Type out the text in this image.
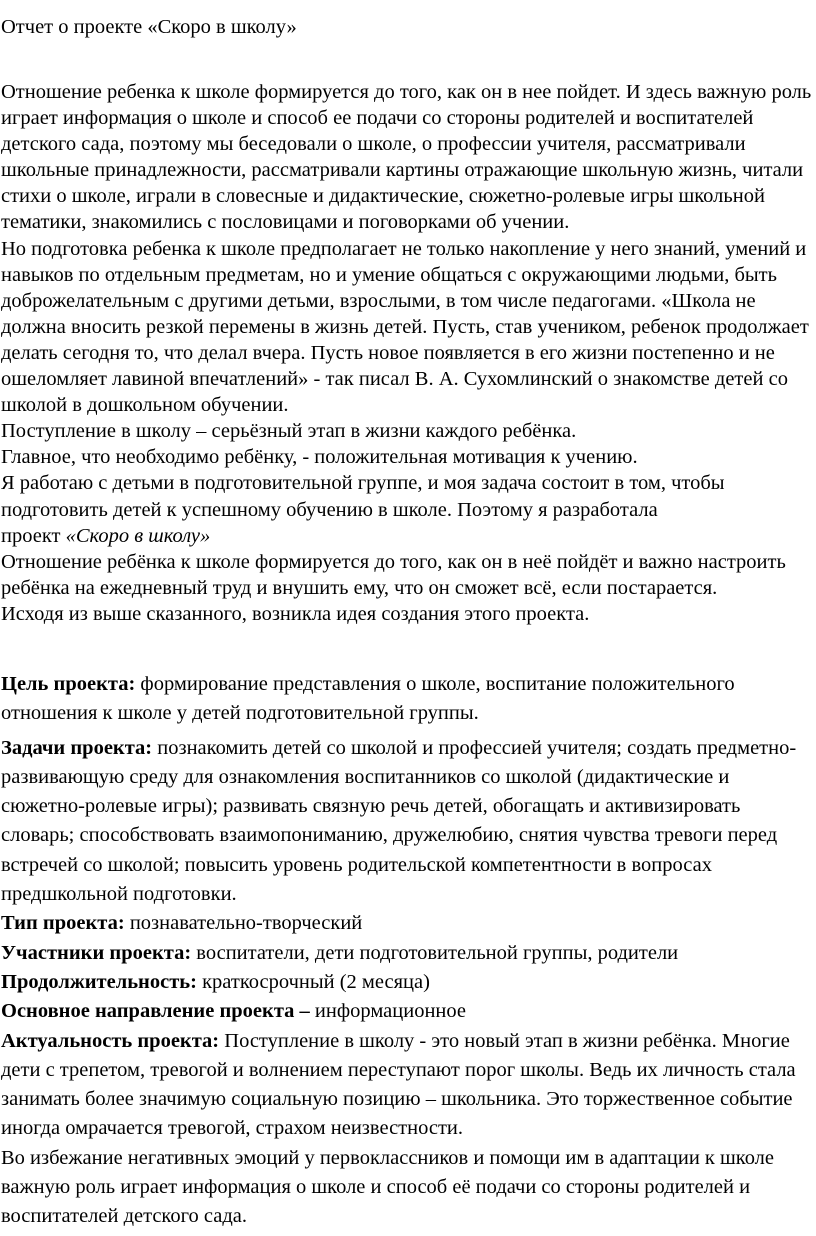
Отчет о проекте «Скоро в школу»

Отношение ребенка к школе формируется до того, как он в нее пойдет. И здесь важную роль играет информация о школе и способ ее подачи со стороны родителей и воспитателей детского сада, поэтому мы беседовали о школе, о профессии учителя, рассматривали школьные принадлежности, рассматривали картины отражающие школьную жизнь, читали стихи о школе, играли в словесные и дидактические, сюжетно-ролевые игры школьной тематики, знакомились с пословицами и поговорками об учении.

Но подготовка ребенка к школе предполагает не только накопление у него знаний, умений и навыков по отдельным предметам, но и умение общаться с окружающими людьми, быть доброжелательным с другими детьми, взрослыми, в том числе педагогами. «Школа не должна вносить резкой перемены в жизнь детей. Пусть, став учеником, ребенок продолжает делать сегодня то, что делал вчера. Пусть новое появляется в его жизни постепенно и не ошеломляет лавиной впечатлений» - так писал В. А. Сухомлинский о знакомстве детей со школой в дошкольном обучении.

Поступление в школу – серьёзный этап в жизни каждого ребёнка.

Главное, что необходимо ребёнку, - положительная мотивация к учению.

Я работаю с детьми в подготовительной группе, и моя задача состоит в том, чтобы подготовить детей к успешному обучению в школе. Поэтому я разработала

проект «Скоро в школу»

Отношение ребёнка к школе формируется до того, как он в неё пойдёт и важно настроить ребёнка на ежедневный труд и внушить ему, что он сможет всё, если постарается.

Исходя из выше сказанного, возникла идея создания этого проекта.

Цель проекта: формирование представления о школе, воспитание положительного отношения к школе у детей подготовительной группы.

Задачи проекта: познакомить детей со школой и профессией учителя; создать предметно-развивающую среду для ознакомления воспитанников со школой (дидактические и сюжетно-ролевые игры); развивать связную речь детей, обогащать и активизировать словарь; способствовать взаимопониманию, дружелюбию, снятия чувства тревоги перед встречей со школой; повысить уровень родительской компетентности в вопросах предшкольной подготовки.

Тип проекта: познавательно-творческий

Участники проекта: воспитатели, дети подготовительной группы, родители

Продолжительность: краткосрочный (2 месяца)

Основное направление проекта – информационное

Актуальность проекта: Поступление в школу - это новый этап в жизни ребёнка. Многие дети с трепетом, тревогой и волнением переступают порог школы. Ведь их личность стала занимать более значимую социальную позицию – школьника. Это торжественное событие иногда омрачается тревогой, страхом неизвестности.

Во избежание негативных эмоций у первоклассников и помощи им в адаптации к школе важную роль играет информация о школе и способ её подачи со стороны родителей и воспитателей детского сада.
